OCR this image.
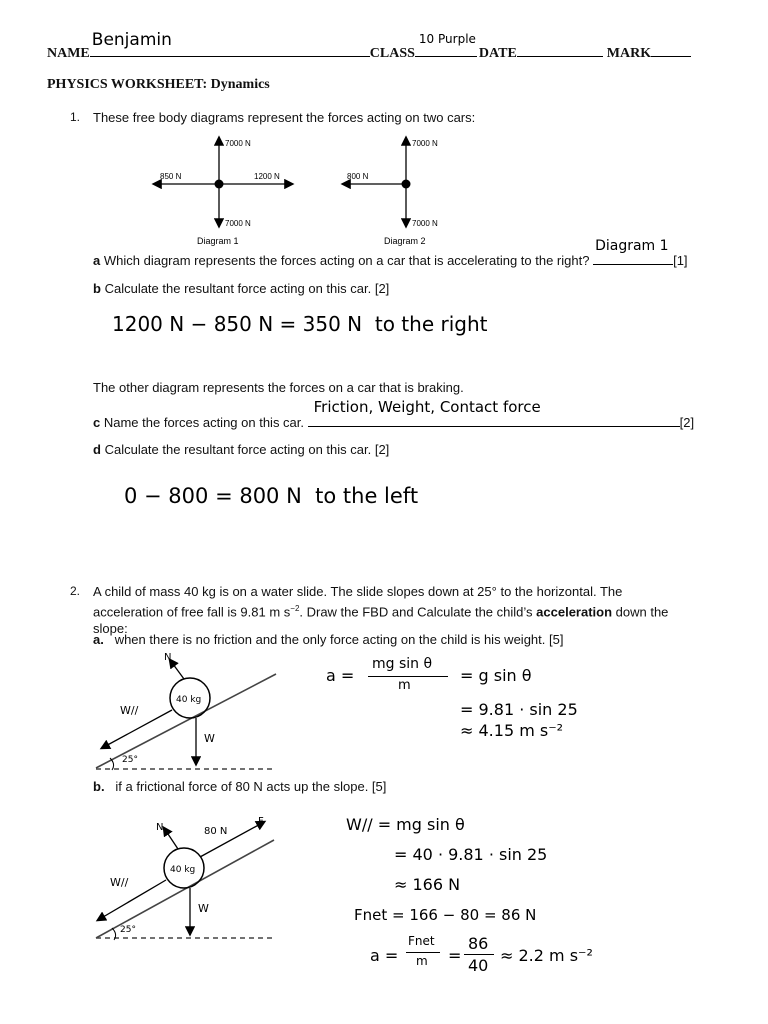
NAME
Benjamin
CLASS
10 Purple
DATE	MARK
PHYSICS WORKSHEET: Dynamics
1. These free body diagrams represent the forces acting on two cars:
7000 N
7000 N
850 N	1200 N
Diagram 1
7000 N
7000 N
800 N
Diagram 2
a Which diagram represents the forces acting on a car that is accelerating to the right?
Diagram 1
[1]
b Calculate the resultant force acting on this car. [2]
1200 N − 850 N = 350 N  to the right
The other diagram represents the forces on a car that is braking.
c Name the forces acting on this car.
Friction, Weight, Contact force
[2]
d Calculate the resultant force acting on this car. [2]
0 − 800 = 800 N  to the left
2. A child of mass 40 kg is on a water slide. The slide slopes down at 25° to the horizontal. The
acceleration of free fall is 9.81 m $s^{-2}$. Draw the FBD and Calculate the child’s acceleration down the
slope:
a. when there is no friction and the only force acting on the child is his weight. [5]
N
40 kg
W//
W
25°
a =
mg sin θ
m
= g sin θ
= 9.81 · sin 25
≈ 4.15 m s⁻²
b. if a frictional force of 80 N acts up the slope. [5]
N	80 N
F
40 kg
W//
W
25°
W// = mg sin θ
= 40 · 9.81 · sin 25
≈ 166 N
Fnet = 166 − 80 = 86 N
a =
Fnet
m =
86
40
≈ 2.2 m s⁻²
